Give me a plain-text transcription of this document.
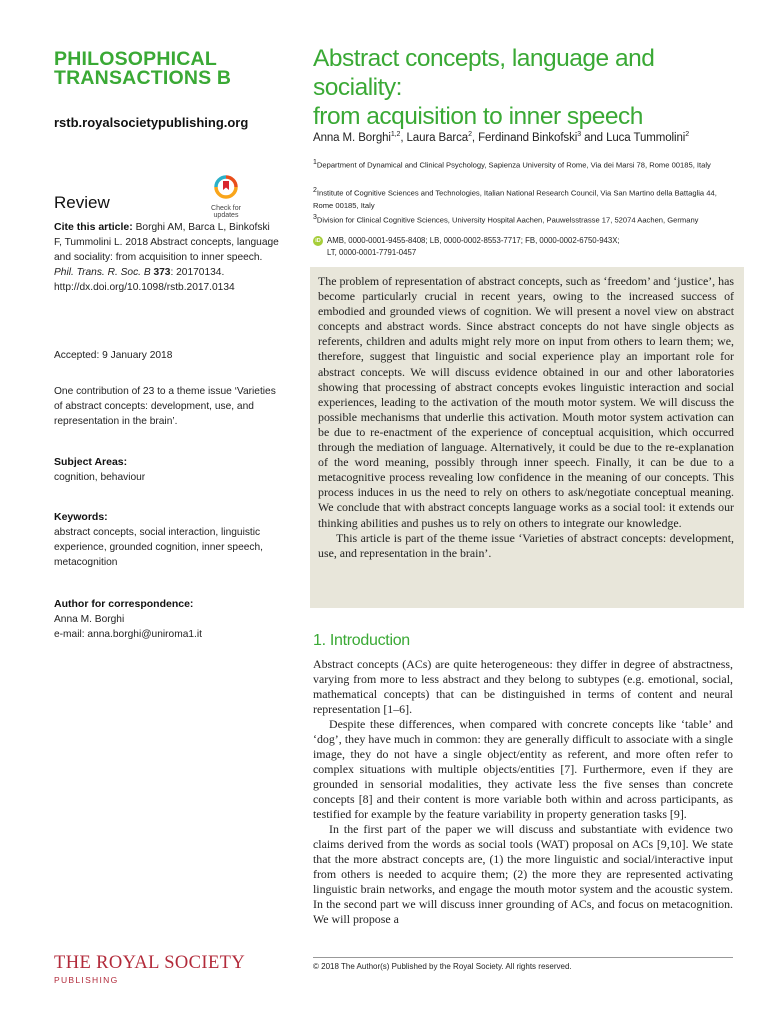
PHILOSOPHICAL
TRANSACTIONS B
rstb.royalsocietypublishing.org
Review	Check for
updates
Cite this article: Borghi AM, Barca L, Binkofski F, Tummolini L. 2018 Abstract concepts, language and sociality: from acquisition to inner speech. Phil. Trans. R. Soc. B 373: 20170134.
http://dx.doi.org/10.1098/rstb.2017.0134
Accepted: 9 January 2018
One contribution of 23 to a theme issue ‘Varieties of abstract concepts: development, use, and representation in the brain’.
Subject Areas:
cognition, behaviour
Keywords:
abstract concepts, social interaction, linguistic experience, grounded cognition, inner speech, metacognition
Author for correspondence:
Anna M. Borghi
e-mail: anna.borghi@uniroma1.it
THE ROYAL SOCIETY
PUBLISHING
Abstract concepts, language and sociality:
from acquisition to inner speech
Anna M. Borghi$^{1,2}$, Laura Barca$^2$, Ferdinand Binkofski$^3$ and Luca Tummolini$^2$
$^1$Department of Dynamical and Clinical Psychology, Sapienza University of Rome, Via dei Marsi 78, Rome 00185, Italy
$^2$Institute of Cognitive Sciences and Technologies, Italian National Research Council, Via San Martino della Battaglia 44, Rome 00185, Italy
$^3$Division for Clinical Cognitive Sciences, University Hospital Aachen, Pauwelsstrasse 17, 52074 Aachen, Germany
iD AMB, 0000-0001-9455-8408; LB, 0000-0002-8553-7717; FB, 0000-0002-6750-943X;
LT, 0000-0001-7791-0457

The problem of representation of abstract concepts, such as ‘freedom’ and ‘justice’, has become particularly crucial in recent years, owing to the increased success of embodied and grounded views of cognition. We will present a novel view on abstract concepts and abstract words. Since abstract concepts do not have single objects as referents, children and adults might rely more on input from others to learn them; we, therefore, suggest that linguistic and social experience play an important role for abstract concepts. We will discuss evidence obtained in our and other laboratories showing that processing of abstract concepts evokes linguistic interaction and social experiences, leading to the activation of the mouth motor system. We will discuss the possible mechanisms that underlie this activation. Mouth motor system activation can be due to re-enactment of the experience of conceptual acquisition, which occurred through the mediation of language. Alternatively, it could be due to the re-explanation of the word meaning, possibly through inner speech. Finally, it can be due to a metacognitive process revealing low confidence in the meaning of our concepts. This process induces in us the need to rely on others to ask/negotiate conceptual meaning. We conclude that with abstract concepts language works as a social tool: it extends our thinking abilities and pushes us to rely on others to integrate our knowledge.

This article is part of the theme issue ‘Varieties of abstract concepts: development, use, and representation in the brain’.

1. Introduction

Abstract concepts (ACs) are quite heterogeneous: they differ in degree of abstractness, varying from more to less abstract and they belong to subtypes (e.g. emotional, social, mathematical concepts) that can be distinguished in terms of content and neural representation [1–6].

Despite these differences, when compared with concrete concepts like ‘table’ and ‘dog’, they have much in common: they are generally difficult to associate with a single image, they do not have a single object/entity as referent, and more often refer to complex situations with multiple objects/entities [7]. Furthermore, even if they are grounded in sensorial modalities, they activate less the five senses than concrete concepts [8] and their content is more variable both within and across participants, as testified for example by the feature variability in property generation tasks [9].

In the first part of the paper we will discuss and substantiate with evidence two claims derived from the words as social tools (WAT) proposal on ACs [9,10]. We state that the more abstract concepts are, (1) the more linguistic and social/interactive input from others is needed to acquire them; (2) the more they are represented activating linguistic brain networks, and engage the mouth motor system and the acoustic system. In the second part we will discuss inner grounding of ACs, and focus on metacognition. We will propose a

© 2018 The Author(s) Published by the Royal Society. All rights reserved.
